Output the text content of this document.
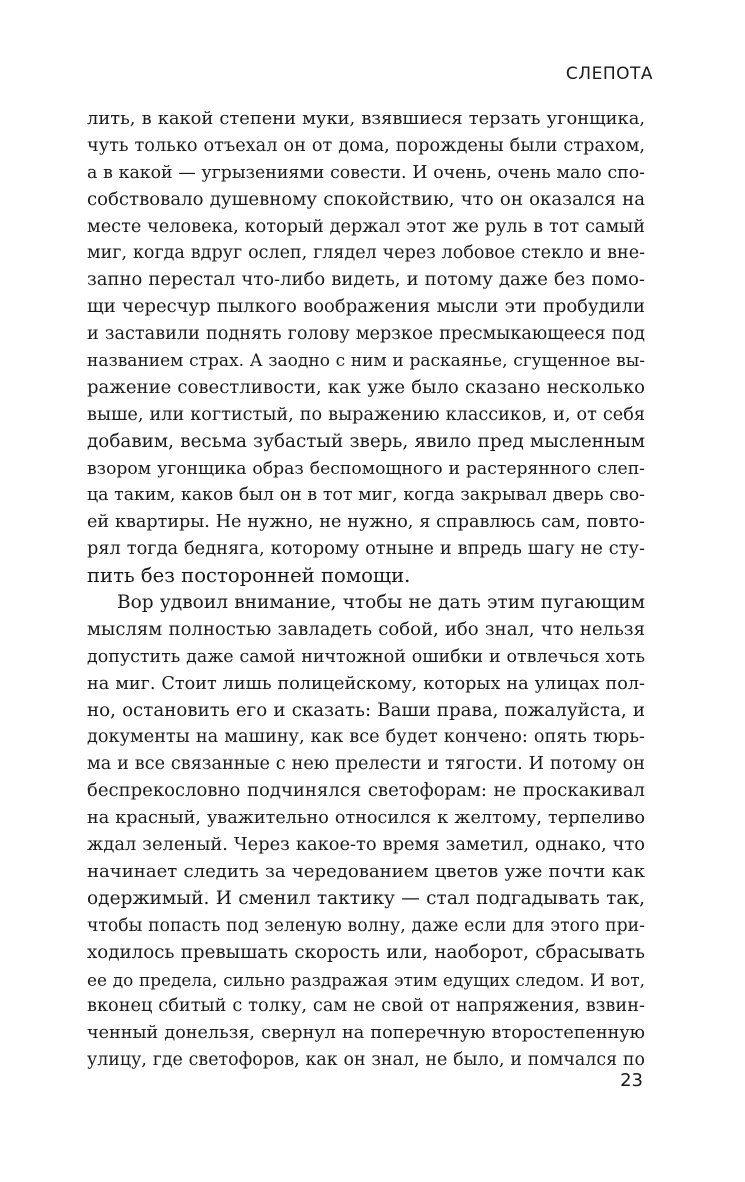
СЛЕПОТА
лить, в какой степени муки, взявшиеся терзать угонщика,
чуть только отъехал он от дома, порождены были страхом,
а в какой — угрызениями совести. И очень, очень мало спо-
собствовало душевному спокойствию, что он оказался на
месте человека, который держал этот же руль в тот самый
миг, когда вдруг ослеп, глядел через лобовое стекло и вне-
запно перестал что-либо видеть, и потому даже без помо-
щи чересчур пылкого воображения мысли эти пробудили
и заставили поднять голову мерзкое пресмыкающееся под
названием страх. А заодно с ним и раскаянье, сгущенное вы-
ражение совестливости, как уже было сказано несколько
выше, или когтистый, по выражению классиков, и, от себя
добавим, весьма зубастый зверь, явило пред мысленным
взором угонщика образ беспомощного и растерянного слеп-
ца таким, каков был он в тот миг, когда закрывал дверь сво-
ей квартиры. Не нужно, не нужно, я справлюсь сам, повто-
рял тогда бедняга, которому отныне и впредь шагу не сту-
пить без посторонней помощи.
Вор удвоил внимание, чтобы не дать этим пугающим
мыслям полностью завладеть собой, ибо знал, что нельзя
допустить даже самой ничтожной ошибки и отвлечься хоть
на миг. Стоит лишь полицейскому, которых на улицах пол-
но, остановить его и сказать: Ваши права, пожалуйста, и
документы на машину, как все будет кончено: опять тюрь-
ма и все связанные с нею прелести и тягости. И потому он
беспрекословно подчинялся светофорам: не проскакивал
на красный, уважительно относился к желтому, терпеливо
ждал зеленый. Через какое-то время заметил, однако, что
начинает следить за чередованием цветов уже почти как
одержимый. И сменил тактику — стал подгадывать так,
чтобы попасть под зеленую волну, даже если для этого при-
ходилось превышать скорость или, наоборот, сбрасывать
ее до предела, сильно раздражая этим едущих следом. И вот,
вконец сбитый с толку, сам не свой от напряжения, взвин-
ченный донельзя, свернул на поперечную второстепенную
улицу, где светофоров, как он знал, не было, и помчался по
23
